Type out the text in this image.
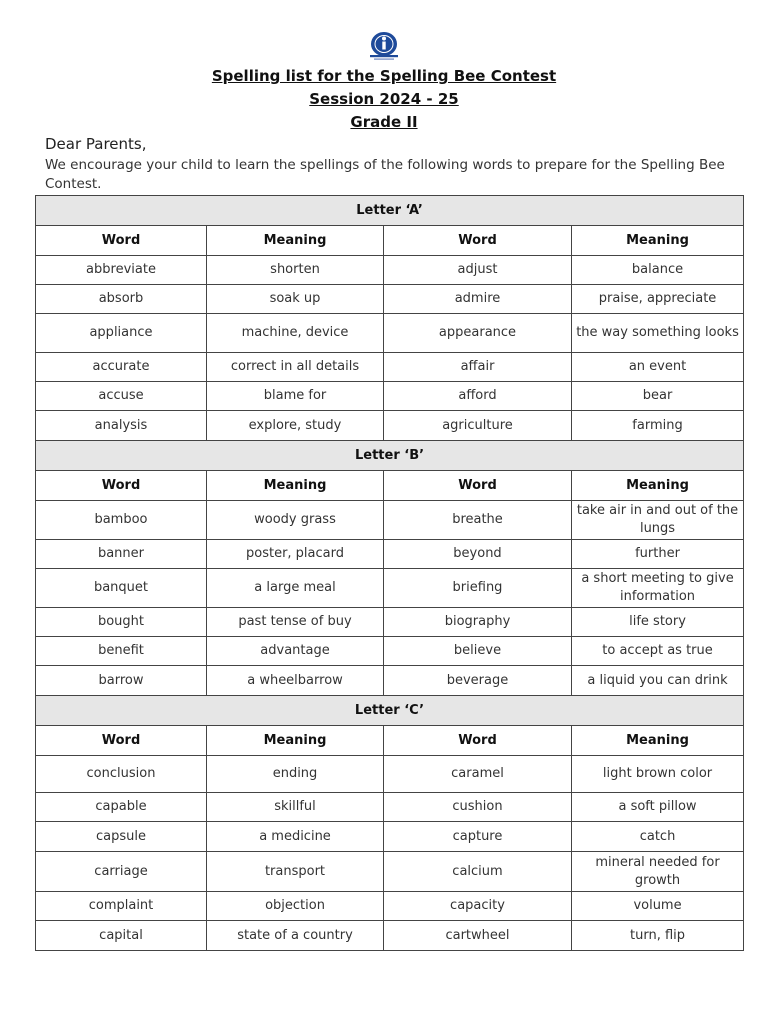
Spelling list for the Spelling Bee Contest
Session 2024 - 25
Grade II
Dear Parents,
We encourage your child to learn the spellings of the following words to prepare for the Spelling Bee Contest.
Letter ‘A’			
Word	Meaning	Word	Meaning
abbreviate	shorten	adjust	balance
absorb	soak up	admire	praise, appreciate
appliance	machine, device	appearance	the way something looks
accurate	correct in all details	affair	an event
accuse	blame for	afford	bear
analysis	explore, study	agriculture	farming
Letter ‘B’			
Word	Meaning	Word	Meaning
bamboo	woody grass	breathe	take air in and out of the lungs
banner	poster, placard	beyond	further
banquet	a large meal	briefing	a short meeting to give information
bought	past tense of buy	biography	life story
benefit	advantage	believe	to accept as true
barrow	a wheelbarrow	beverage	a liquid you can drink
Letter ‘C’			
Word	Meaning	Word	Meaning
conclusion	ending	caramel	light brown color
capable	skillful	cushion	a soft pillow
capsule	a medicine	capture	catch
carriage	transport	calcium	mineral needed for growth
complaint	objection	capacity	volume
capital	state of a country	cartwheel	turn, flip
